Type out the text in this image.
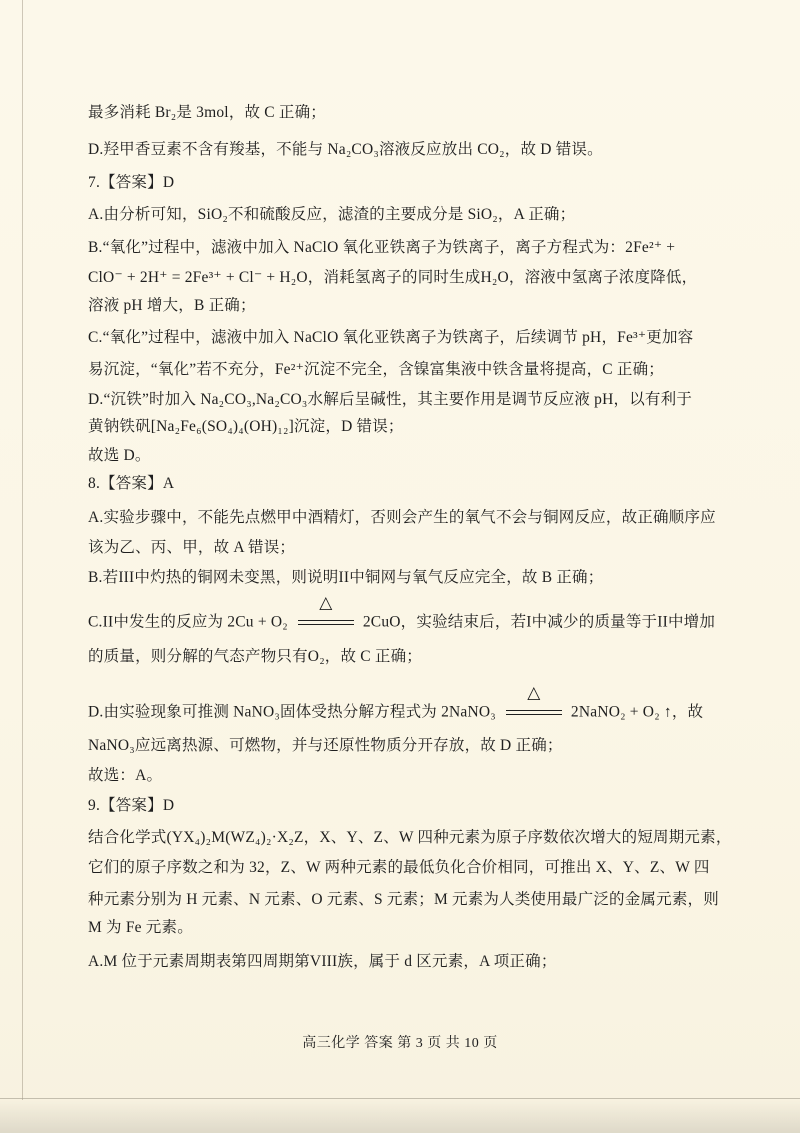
最多消耗 Br₂是 3mol，故 C 正确；
D.羟甲香豆素不含有羧基，不能与 Na₂CO₃溶液反应放出 CO₂，故 D 错误。
7.【答案】D
A.由分析可知，SiO₂不和硫酸反应，滤渣的主要成分是 SiO₂，A 正确；
B.“氧化”过程中，滤液中加入 NaClO 氧化亚铁离子为铁离子，离子方程式为：2Fe²⁺ +
ClO⁻ + 2H⁺ = 2Fe³⁺ + Cl⁻ + H₂O，消耗氢离子的同时生成H₂O，溶液中氢离子浓度降低，
溶液 pH 增大，B 正确；
C.“氧化”过程中，滤液中加入 NaClO 氧化亚铁离子为铁离子，后续调节 pH，Fe³⁺更加容
易沉淀，“氧化”若不充分，Fe²⁺沉淀不完全，含镍富集液中铁含量将提高，C 正确；
D.“沉铁”时加入 Na₂CO₃,Na₂CO₃水解后呈碱性，其主要作用是调节反应液 pH，以有利于
黄钠铁矾[Na₂Fe₆(SO₄)₄(OH)₁₂]沉淀，D 错误；
故选 D。
8.【答案】A
A.实验步骤中，不能先点燃甲中酒精灯，否则会产生的氧气不会与铜网反应，故正确顺序应
该为乙、丙、甲，故 A 错误；
B.若III中灼热的铜网未变黑，则说明II中铜网与氧气反应完全，故 B 正确；
C.II中发生的反应为 2Cu + O₂
△
2CuO，实验结束后，若I中减少的质量等于II中增加
的质量，则分解的气态产物只有O₂，故 C 正确；
D.由实验现象可推测 NaNO₃固体受热分解方程式为 2NaNO₃
△
2NaNO₂ + O₂ ↑，故
NaNO₃应远离热源、可燃物，并与还原性物质分开存放，故 D 正确；
故选：A。
9.【答案】D
结合化学式(YX₄)₂M(WZ₄)₂·X₂Z，X、Y、Z、W 四种元素为原子序数依次增大的短周期元素，
它们的原子序数之和为 32，Z、W 两种元素的最低负化合价相同，可推出 X、Y、Z、W 四
种元素分别为 H 元素、N 元素、O 元素、S 元素；M 元素为人类使用最广泛的金属元素，则
M 为 Fe 元素。
A.M 位于元素周期表第四周期第VIII族，属于 d 区元素，A 项正确；
高三化学 答案 第 3 页 共 10 页
